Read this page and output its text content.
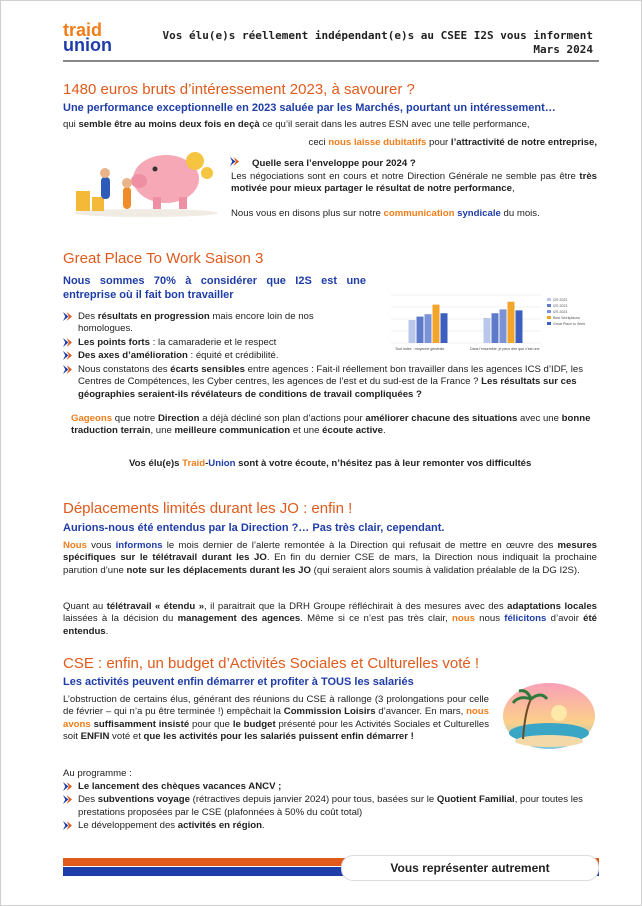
traid
union	Vos élu(e)s réellement indépendant(e)s au CSEE I2S vous informent
Mars 2024
1480 euros bruts d’intéressement 2023, à savourer ?
Une performance exceptionnelle en 2023 saluée par les Marchés, pourtant un intéressement…
qui semble être au moins deux fois en deçà ce qu’il serait dans les autres ESN avec une telle performance,
ceci nous laisse dubitatifs pour l’attractivité de notre entreprise,
Quelle sera l’enveloppe pour 2024 ?
Les négociations sont en cours et notre Direction Générale ne semble pas être très motivée pour mieux partager le résultat de notre performance,
Nous vous en disons plus sur notre communication syndicale du mois.
Great Place To Work Saison 3
Nous sommes 70% à considérer que I2S est une entreprise où il fait bon travailler
Tout Index : moyenne générale	Dans l’ensemble, je peux dire que c’est une
I2S 2022
I2S 2023
I2S 2024
Best Workplaces
Great Place to Work
Des résultats en progression mais encore loin de nos homologues.
Les points forts : la camaraderie et le respect
Des axes d’amélioration : équité et crédibilité.
Nous constatons des écarts sensibles entre agences : Fait-il réellement bon travailler dans les agences ICS d’IDF, les Centres de Compétences, les Cyber centres, les agences de l’est et du sud-est de la France ? Les résultats sur ces géographies seraient-ils révélateurs de conditions de travail compliquées ?
Gageons que notre Direction a déjà décliné son plan d’actions pour améliorer chacune des situations avec une bonne traduction terrain, une meilleure communication et une écoute active.
Vos élu(e)s Traid-Union sont à votre écoute, n’hésitez pas à leur remonter vos difficultés
Déplacements limités durant les JO : enfin !
Aurions-nous été entendus par la Direction ?… Pas très clair, cependant.
Nous vous informons le mois dernier de l’alerte remontée à la Direction qui refusait de mettre en œuvre des mesures spécifiques sur le télétravail durant les JO. En fin du dernier CSE de mars, la Direction nous indiquait la prochaine parution d’une note sur les déplacements durant les JO (qui seraient alors soumis à validation préalable de la DG I2S).
Quant au télétravail « étendu », il paraitrait que la DRH Groupe réfléchirait à des mesures avec des adaptations locales laissées à la décision du management des agences. Même si ce n’est pas très clair, nous nous félicitons d’avoir été entendus.
CSE : enfin, un budget d’Activités Sociales et Culturelles voté !
Les activités peuvent enfin démarrer et profiter à TOUS les salariés
L’obstruction de certains élus, générant des réunions du CSE à rallonge (3 prolongations pour celle de février – qui n’a pu être terminée !) empêchait la Commission Loisirs d’avancer. En mars, nous avons suffisamment insisté pour que le budget présenté pour les Activités Sociales et Culturelles soit ENFIN voté et que les activités pour les salariés puissent enfin démarrer !
Au programme :
Le lancement des chèques vacances ANCV ;
Des subventions voyage (rétractives depuis janvier 2024) pour tous, basées sur le Quotient Familial, pour toutes les prestations proposées par le CSE (plafonnées à 50% du coût total)
Le développement des activités en région.
Vous représenter autrement
